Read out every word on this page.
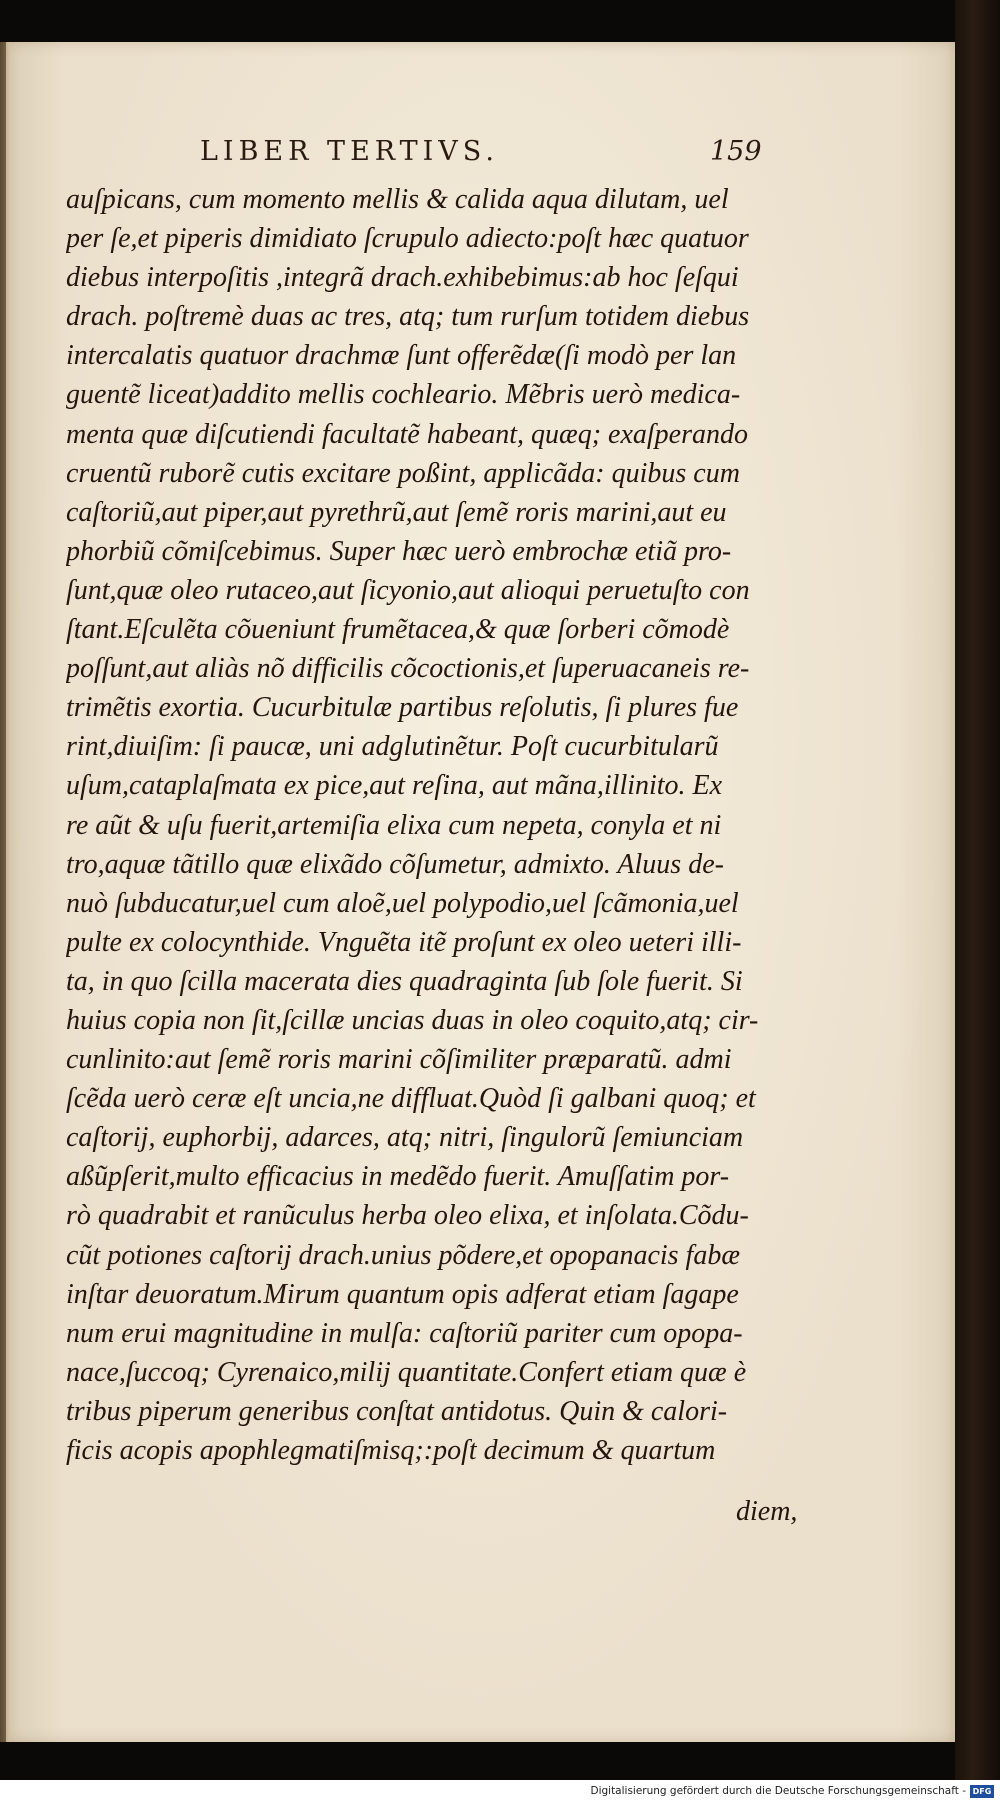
LIBER TERTIVS.	159
auſpicans, cum momento mellis & calida aqua dilutam, uel
per ſe,et piperis dimidiato ſcrupulo adiecto:poſt hæc quatuor
diebus interpoſitis ,integrã drach.exhibebimus:ab hoc ſeſqui
drach. poſtremè duas ac tres, atq; tum rurſum totidem diebus
intercalatis quatuor drachmæ ſunt offerẽdæ(ſi modò per lan
guentẽ liceat)addito mellis cochleario. Mẽbris uerò medica-
menta quæ diſcutiendi facultatẽ habeant, quæq; exaſperando
cruentũ ruborẽ cutis excitare poßint, applicãda: quibus cum
caſtoriũ,aut piper,aut pyrethrũ,aut ſemẽ roris marini,aut eu
phorbiũ cõmiſcebimus. Super hæc uerò embrochæ etiã pro-
ſunt,quæ oleo rutaceo,aut ſicyonio,aut alioqui peruetuſto con
ſtant.Eſculẽta cõueniunt frumẽtacea,& quæ ſorberi cõmodè
poſſunt,aut aliàs nõ difficilis cõcoctionis,et ſuperuacaneis re-
trimẽtis exortia. Cucurbitulæ partibus reſolutis, ſi plures fue
rint,diuiſim: ſi paucæ, uni adglutinẽtur. Poſt cucurbitularũ
uſum,cataplaſmata ex pice,aut reſina, aut mãna,illinito. Ex
re aũt & uſu fuerit,artemiſia elixa cum nepeta, conyla et ni
tro,aquæ tãtillo quæ elixãdo cõſumetur, admixto. Aluus de-
nuò ſubducatur,uel cum aloẽ,uel polypodio,uel ſcãmonia,uel
pulte ex colocynthide. Vnguẽta itẽ proſunt ex oleo ueteri illi-
ta, in quo ſcilla macerata dies quadraginta ſub ſole fuerit. Si
huius copia non ſit,ſcillæ uncias duas in oleo coquito,atq; cir-
cunlinito:aut ſemẽ roris marini cõſimiliter præparatũ. admi
ſcẽda uerò ceræ eſt uncia,ne diffluat.Quòd ſi galbani quoq; et
caſtorij, euphorbij, adarces, atq; nitri, ſingulorũ ſemiunciam
aßũpſerit,multo efficacius in medẽdo fuerit. Amuſſatim por-
rò quadrabit et ranũculus herba oleo elixa, et inſolata.Cõdu-
cũt potiones caſtorij drach.unius põdere,et opopanacis fabæ
inſtar deuoratum.Mirum quantum opis adferat etiam ſagape
num erui magnitudine in mulſa: caſtoriũ pariter cum opopa-
nace,ſuccoq; Cyrenaico,milij quantitate.Confert etiam quæ è
tribus piperum generibus conſtat antidotus. Quin & calori-
ficis acopis apophlegmatiſmisq;:poſt decimum & quartum
diem,
Digitalisierung gefördert durch die Deutsche Forschungsgemeinschaft - DFG
